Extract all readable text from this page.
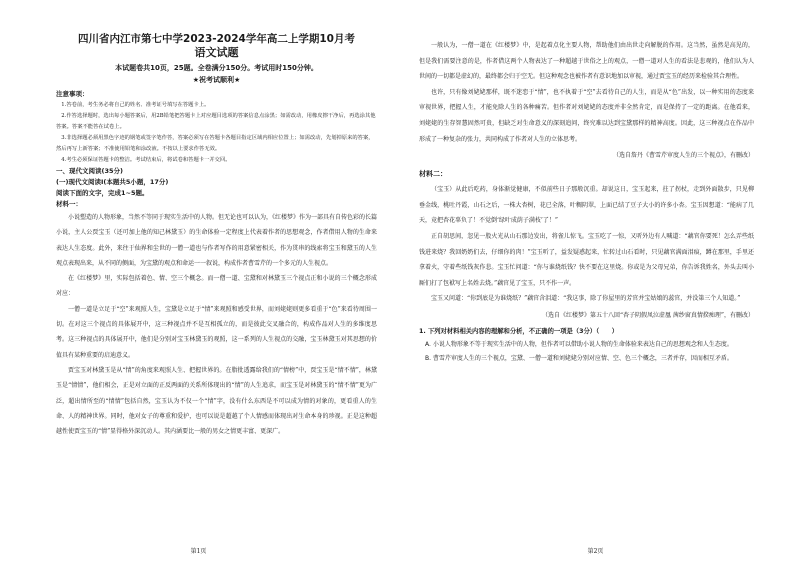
四川省内江市第七中学2023-2024学年高二上学期10月考

语文试题

本试题卷共10页，25题。全卷满分150分。考试用时150分钟。

★祝考试顺利★

注意事项：

1.答卷前，考生务必将自己的姓名、准考证号填写在答题卡上。

2.作答选择题时，选出每小题答案后，用2B铅笔把答题卡上对应题目选项的答案信息点涂黑；如需改动，用橡皮擦干净后，再选涂其他答案。答案不能答在试卷上。

3.非选择题必须用黑色字迹的钢笔或签字笔作答，答案必须写在答题卡各题目指定区域内相应位置上；如需改动，先划掉原来的答案，然后再写上新答案；不准使用铅笔和涂改液。不按以上要求作答无效。

4.考生必须保证答题卡的整洁。考试结束后，将试卷和答题卡一并交回。

一、现代文阅读(35分)

(一)现代文阅读I(本题共5小题，17分)

阅读下面的文字，完成1~5题。

材料一：

小说塑造的人物形象，当然不等同于现实生活中的人物。但无论也可以认为，《红楼梦》作为一部具有自传色彩的长篇小说，主人公贾宝玉（还可加上他的知己林黛玉）的生命体验一定程度上代表着作者的思想观念，作者借用人物的生命来表达人生态度。此外，来往于仙界和尘世的一僧一道也与作者写作的用意紧密相关，作为贯串的线索将宝玉和黛玉的人生观点表现出来，从不同的侧面，为宝黛的观点和命运一一叙说，构成作者曹雪芹的一个多元的人生视点。

在《红楼梦》里，实际包括着色、情、空三个概念。而一僧一道、宝黛和对林黛玉三个视点正和小说的三个概念形成对应：

一僧一道是立足于“空”来观照人生，宝黛是立足于“情”来观照和感受世界，而刘姥姥则更多看重于“色”来看待周围一切。在对这三个视点的具体展开中，这三种视点并不是互相孤立的，而是彼此交叉融合的，构成作品对人生的多维度思考。这三种视点的具体展开中，他们是分别对宝玉林黛玉的观照，这一系列的人生视点的交融，宝玉林黛玉对其思想的价值具有某种重要的启迪意义。

贾宝玉对林黛玉是从“情”的角度来观照人生、把握世界的。在脂批透露给我们的“情榜”中，贾宝玉是“情不情”，林黛玉是“情情”，他们相会，正是对立面的正反两面的关系所体现出的“情”的人生追求，而宝玉是对林黛玉的“情不情”更为广泛，超出情所至的“情情”包括自然，宝玉认为不仅一个“情”字，没有什么东西是不可以成为情的对象的，更看重人的生命、人的精神世界。同时，他对女子的尊重和爱护，也可以说是超越了个人情感而体现出对生命本身的珍视。正是这种超越性使贾宝玉的“情”显得格外深沉动人。其内涵要比一般的男女之情更丰富、更深广。

第1页

一般认为，一僧一道在《红楼梦》中，是起着点化主要人物，帮助他们由出世走向解脱的作用。这当然，虽然是高见的，但是我们需要注意的是，作者借这两个人物表达了一种超越于世俗之上的观点，一僧一道对人生的看法是悲观的，他们认为人世间的一切都是虚幻的，最终都会归于空无。但这种观念也被作者有意识地加以审视，通过贾宝玉的经历来检验其合理性。

也许，只有像刘姥姥那样，既不迷恋于“情”，也不执着于“空”去看待自己的人生，而是从“色”出发，以一种实用的态度来审视世界，把握人生，才能免除人生的各种痛苦。但作者对刘姥姥的态度并非全然肯定，而是保持了一定的距离。在他看来，刘姥姥的生存智慧固然可贵，但缺乏对生命意义的深刻追问，终究难以达到宝黛那样的精神高度。因此，这三种视点在作品中形成了一种复杂的张力，共同构成了作者对人生的立体思考。

（选自詹丹《曹雪芹审度人生的三个视点》，有删改）

材料二：

（宝玉）从此后吃药，身体渐觉健康，不似前些日子那般沉重。却说这日，宝玉起来，拄了拐杖，走到外面散步，只见柳垂金线，桃吐丹霞，山石之后，一株大杏树，花已全落，叶稠阴翠，上面已结了豆子大小的许多小杏。宝玉因想道：“能病了几天，竟把杏花辜负了！不觉倒‘绿叶成荫子满枝’了！”

正自胡思间，忽见一股火光从山石那边发出，将雀儿惊飞。宝玉吃了一惊，又听外边有人喊道：“藕官你要死！怎么弄些纸钱进来烧？我回奶奶们去，仔细你的肉！”宝玉听了，益发疑惑起来，忙转过山石看时，只见藕官满面泪痕，蹲在那里，手里还拿着火，守着些纸钱灰作悲。宝玉忙问道：“你与谁烧纸钱？快不要在这里烧。你或是为父母兄弟，你告诉我姓名，外头去叫小厮们打了包袱写上名姓去烧。”藕官见了宝玉，只不作一声。

宝玉又问道：“你到底是为谁烧纸？”藕官含泪道：“我这事，除了你屋里的芳官并宝姑娘的蕊官，并没第三个人知道。”

（选自《红楼梦》第五十八回“杏子阴假凤泣虚凰 茜纱窗真情揆痴理”，有删改）

1. 下列对材料相关内容的理解和分析，不正确的一项是（3分）（　　）

A. 小说人物形象不等于现实生活中的人物，但作者可以借助小说人物的生命体验来表达自己的思想观念和人生态度。

B. 曹雪芹审度人生的三个视点，宝黛、一僧一道和刘姥姥分别对应情、空、色三个概念，三者并存，因而相互矛盾。

第2页
